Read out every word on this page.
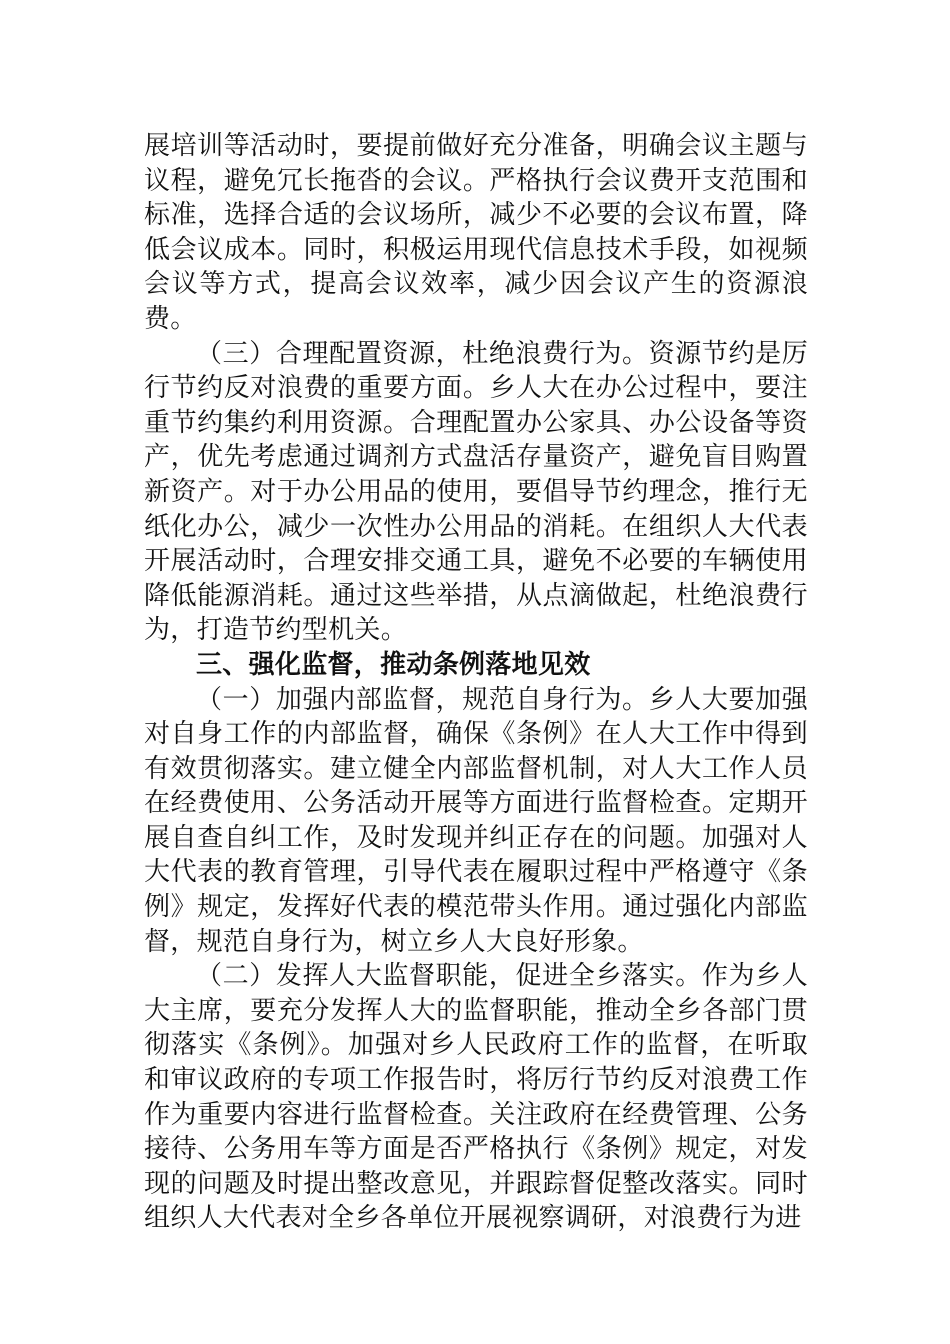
展培训等活动时，要提前做好充分准备，明确会议主题与议程，避免冗长拖沓的会议。严格执行会议费开支范围和标准，选择合适的会议场所，减少不必要的会议布置，降低会议成本。同时，积极运用现代信息技术手段，如视频会议等方式，提高会议效率，减少因会议产生的资源浪费。

（三）合理配置资源，杜绝浪费行为。资源节约是厉行节约反对浪费的重要方面。乡人大在办公过程中，要注重节约集约利用资源。合理配置办公家具、办公设备等资产，优先考虑通过调剂方式盘活存量资产，避免盲目购置新资产。对于办公用品的使用，要倡导节约理念，推行无纸化办公，减少一次性办公用品的消耗。在组织人大代表开展活动时，合理安排交通工具，避免不必要的车辆使用降低能源消耗。通过这些举措，从点滴做起，杜绝浪费行为，打造节约型机关。

三、强化监督，推动条例落地见效

（一）加强内部监督，规范自身行为。乡人大要加强对自身工作的内部监督，确保《条例》在人大工作中得到有效贯彻落实。建立健全内部监督机制，对人大工作人员在经费使用、公务活动开展等方面进行监督检查。定期开展自查自纠工作，及时发现并纠正存在的问题。加强对人大代表的教育管理，引导代表在履职过程中严格遵守《条例》规定，发挥好代表的模范带头作用。通过强化内部监督，规范自身行为，树立乡人大良好形象。

（二）发挥人大监督职能，促进全乡落实。作为乡人大主席，要充分发挥人大的监督职能，推动全乡各部门贯彻落实《条例》。加强对乡人民政府工作的监督，在听取和审议政府的专项工作报告时，将厉行节约反对浪费工作作为重要内容进行监督检查。关注政府在经费管理、公务接待、公务用车等方面是否严格执行《条例》规定，对发现的问题及时提出整改意见，并跟踪督促整改落实。同时组织人大代表对全乡各单位开展视察调研，对浪费行为进
